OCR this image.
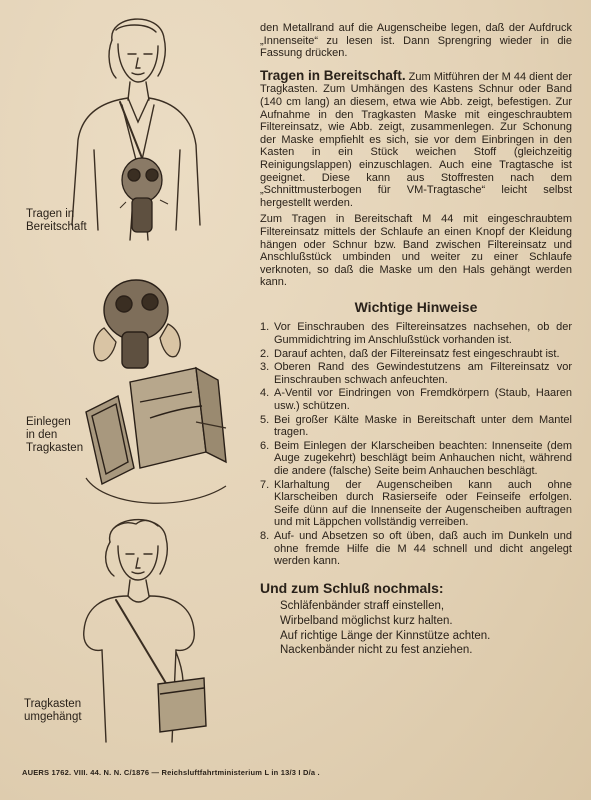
Tragen in
Bereitschaft
Einlegen
in den
Tragkasten
Tragkasten
umgehängt

den Metallrand auf die Augenscheibe legen, daß der Aufdruck „Innenseite“ zu lesen ist. Dann Sprengring wieder in die Fassung drücken.

Tragen in Bereitschaft. Zum Mitführen der M 44 dient der Tragkasten. Zum Umhängen des Kastens Schnur oder Band (140 cm lang) an diesem, etwa wie Abb. zeigt, befestigen. Zur Aufnahme in den Tragkasten Maske mit eingeschraubtem Filtereinsatz, wie Abb. zeigt, zusammenlegen. Zur Schonung der Maske empfiehlt es sich, sie vor dem Einbringen in den Kasten in ein Stück weichen Stoff (gleichzeitig Reinigungslappen) einzuschlagen. Auch eine Tragtasche ist geeignet. Diese kann aus Stoffresten nach dem „Schnittmusterbogen für VM-Tragtasche“ leicht selbst hergestellt werden.

Zum Tragen in Bereitschaft M 44 mit eingeschraubtem Filtereinsatz mittels der Schlaufe an einen Knopf der Kleidung hängen oder Schnur bzw. Band zwischen Filtereinsatz und Anschlußstück umbinden und weiter zu einer Schlaufe verknoten, so daß die Maske um den Hals gehängt werden kann.

Wichtige Hinweise
1. Vor Einschrauben des Filtereinsatzes nachsehen, ob der Gummidichtring im Anschlußstück vorhanden ist.
2. Darauf achten, daß der Filtereinsatz fest eingeschraubt ist.
3. Oberen Rand des Gewindestutzens am Filtereinsatz vor Einschrauben schwach anfeuchten.
4. A-Ventil vor Eindringen von Fremdkörpern (Staub, Haaren usw.) schützen.
5. Bei großer Kälte Maske in Bereitschaft unter dem Mantel tragen.
6. Beim Einlegen der Klarscheiben beachten: Innenseite (dem Auge zugekehrt) beschlägt beim Anhauchen nicht, während die andere (falsche) Seite beim Anhauchen beschlägt.
7. Klarhaltung der Augenscheiben kann auch ohne Klarscheiben durch Rasierseife oder Feinseife erfolgen. Seife dünn auf die Innenseite der Augenscheiben auftragen und mit Läppchen vollständig verreiben.
8. Auf- und Absetzen so oft üben, daß auch im Dunkeln und ohne fremde Hilfe die M 44 schnell und dicht angelegt werden kann.
Und zum Schluß nochmals:
Schläfenbänder straff einstellen,
Wirbelband möglichst kurz halten.
Auf richtige Länge der Kinnstütze achten.
Nackenbänder nicht zu fest anziehen.
AUERS 1762. VIII. 44. N. N. C/1876 — Reichsluftfahrtministerium L in 13/3 I D/a .
